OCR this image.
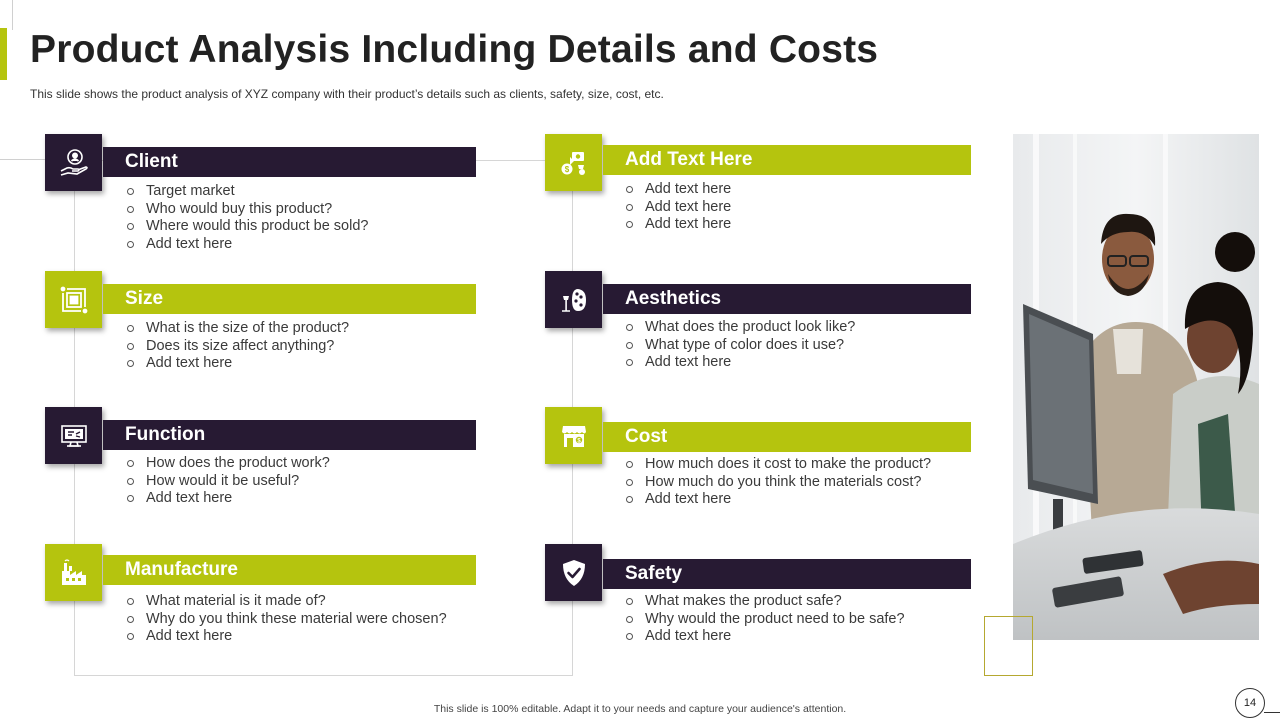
Product Analysis Including Details and Costs

This slide shows the product analysis of XYZ company with their product’s details such as clients, safety, size, cost, etc.

Client
Target market
Who would buy this product?
Where would this product be sold?
Add text here
Size
What is the size of the product?
Does its size affect anything?
Add text here
Function
How does the product work?
How would it be useful?
Add text here
Manufacture
What material is it made of?
Why do you think these material were chosen?
Add text here
$	Add Text Here
Add text here
Add text here
Add text here
Aesthetics
What does the product look like?
What type of color does it use?
Add text here
$	Cost
How much does it cost to make the product?
How much do you think the materials cost?
Add text here
Safety
What makes the product safe?
Why would the product need to be safe?
Add text here

This slide is 100% editable. Adapt it to your needs and capture your audience's attention.	14
